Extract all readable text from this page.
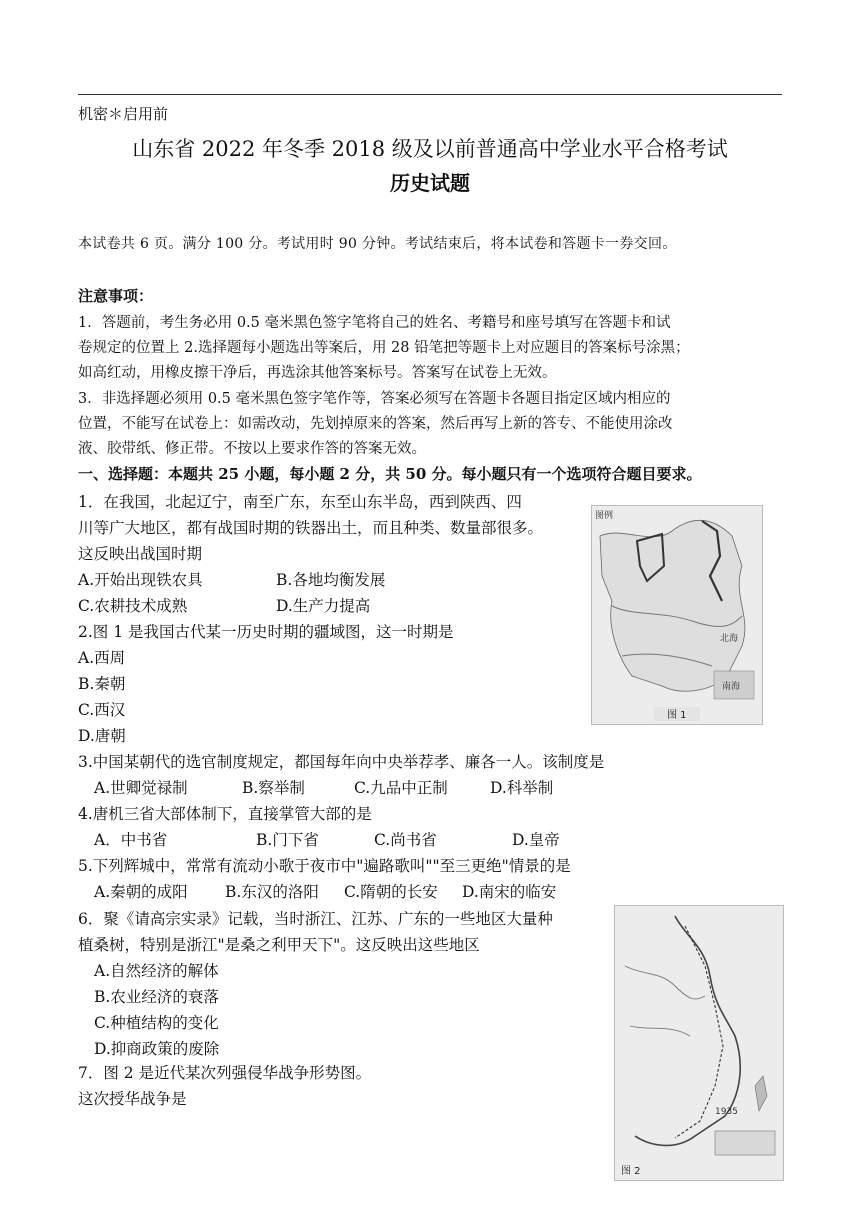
机密＊启用前
山东省 2022 年冬季 2018 级及以前普通高中学业水平合格考试
历史试题
本试卷共 6 页。满分 100 分。考试用时 90 分钟。考试结束后，将本试卷和答题卡一券交回。
注意事项：
1．答题前，考生务必用 0.5 毫米黑色签字笔将自己的姓名、考籍号和座号填写在答题卡和试
卷规定的位置上 2.选择题每小题选出等案后，用 28 铅笔把等题卡上对应题目的答案标号涂黑；
如高红动，用橡皮擦干净后，再选涂其他答案标号。答案写在试卷上无效。
3．非选择题必须用 0.5 毫米黑色签字笔作等，答案必须写在答题卡各题目指定区域内相应的
位置，不能写在试卷上：如需改动，先划掉原来的答案，然后再写上新的答专、不能使用涂改
液、胶带纸、修正带。不按以上要求作答的答案无效。
一、选择题：本题共 25 小题，每小题 2 分，共 50 分。每小题只有一个选项符合题目要求。
1．在我国，北起辽宁，南至广东，东至山东半岛，西到陕西、四
川等广大地区，都有战国时期的铁器出土，而且种类、数量部很多。
这反映出战国时期
A.开始出现铁农具	B.各地均衡发展
C.农耕技术成熟	D.生产力提高
2.图 1 是我国古代某一历史时期的疆域图，这一时期是
A.西周
B.秦朝
C.西汉
D.唐朝
3.中国某朝代的选官制度规定，都国每年向中央举荐孝、廉各一人。该制度是
A.世卿觉禄制	B.察举制	C.九品中正制	D.科举制
4.唐机三省大部体制下，直接掌管大部的是
A．中书省	B.门下省	C.尚书省	D.皇帝
5.下列辉城中，常常有流动小歌于夜市中"遍路歌叫""至三更绝"情景的是
A.秦朝的成阳 B.东汉的洛阳 C.隋朝的长安 D.南宋的临安
6．聚《请高宗实录》记载，当时浙江、江苏、广东的一些地区大量种
植桑树，特别是浙江"是桑之利甲天下"。这反映出这些地区
A.自然经济的解体
B.农业经济的衰落
C.种植结构的变化
D.抑商政策的废除
7．图 2 是近代某次列强侵华战争形势图。
这次授华战争是
图例
北海
南海
图 1
1935
图 2
